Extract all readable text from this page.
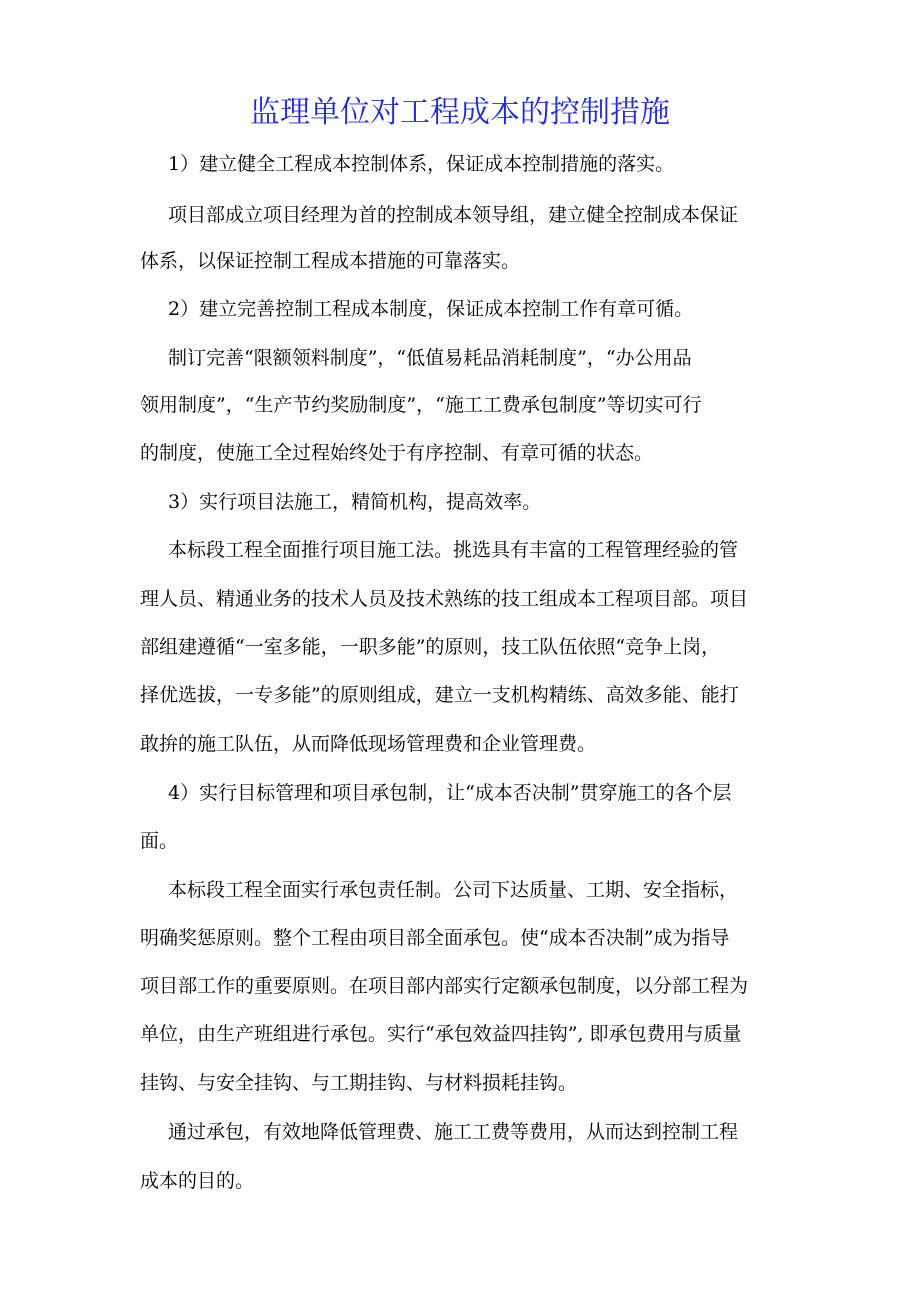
监理单位对工程成本的控制措施
1）建立健全工程成本控制体系，保证成本控制措施的落实。
项目部成立项目经理为首的控制成本领导组，建立健全控制成本保证
体系，以保证控制工程成本措施的可靠落实。
2）建立完善控制工程成本制度，保证成本控制工作有章可循。
制订完善“限额领料制度”，“低值易耗品消耗制度”，“办公用品
领用制度”，“生产节约奖励制度”，“施工工费承包制度”等切实可行
的制度，使施工全过程始终处于有序控制、有章可循的状态。
3）实行项目法施工，精简机构，提高效率。
本标段工程全面推行项目施工法。挑选具有丰富的工程管理经验的管
理人员、精通业务的技术人员及技术熟练的技工组成本工程项目部。项目
部组建遵循“一室多能，一职多能”的原则，技工队伍依照“竞争上岗，
择优选拔，一专多能”的原则组成，建立一支机构精练、高效多能、能打
敢拚的施工队伍，从而降低现场管理费和企业管理费。
4）实行目标管理和项目承包制，让“成本否决制”贯穿施工的各个层
面。
本标段工程全面实行承包责任制。公司下达质量、工期、安全指标，
明确奖惩原则。整个工程由项目部全面承包。使“成本否决制”成为指导
项目部工作的重要原则。在项目部内部实行定额承包制度，以分部工程为
单位，由生产班组进行承包。实行“承包效益四挂钩”, 即承包费用与质量
挂钩、与安全挂钩、与工期挂钩、与材料损耗挂钩。
通过承包，有效地降低管理费、施工工费等费用，从而达到控制工程
成本的目的。
